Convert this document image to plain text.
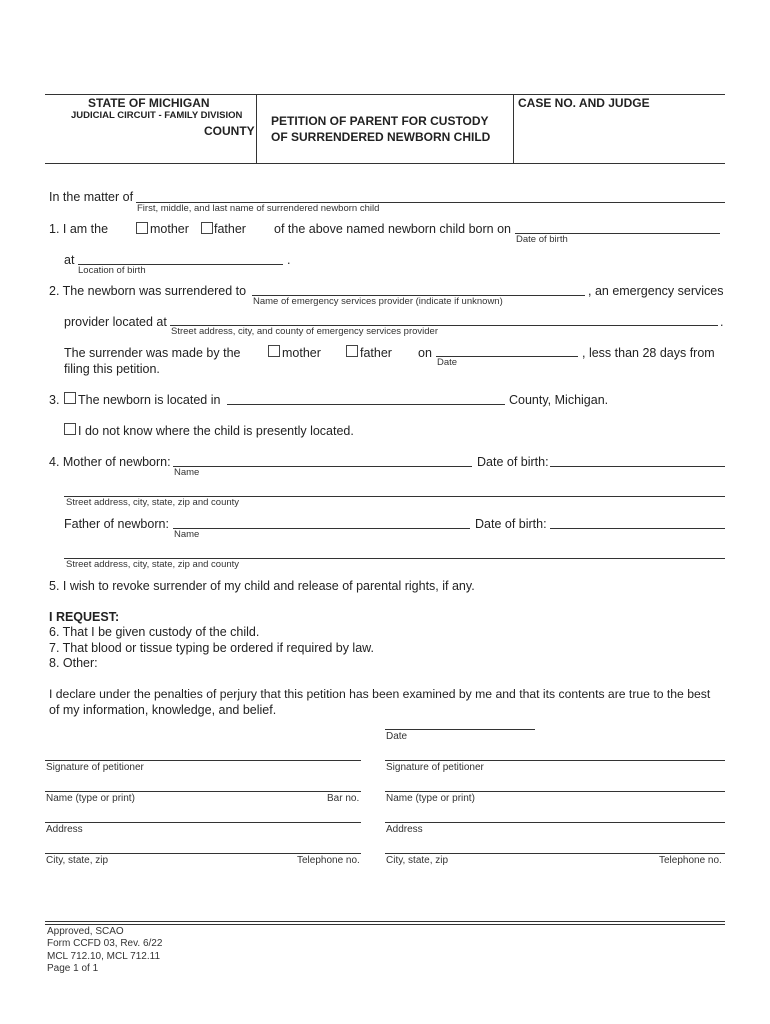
STATE OF MICHIGAN
JUDICIAL CIRCUIT - FAMILY DIVISION
COUNTY
PETITION OF PARENT FOR CUSTODY
OF SURRENDERED NEWBORN CHILD
CASE NO. AND JUDGE
In the matter of
First, middle, and last name of surrendered newborn child
1. I am the	mother father of the above named newborn child born on
Date of birth
at	.
Location of birth
2. The newborn was surrendered to	, an emergency services
Name of emergency services provider (indicate if unknown)
provider located at	.
Street address, city, and county of emergency services provider
The surrender was made by the
filing this petition.
mother	father on
Date
, less than 28 days from
3. The newborn is located in	County, Michigan.
I do not know where the child is presently located.
4. Mother of newborn:
Name
Date of birth:
Street address, city, state, zip and county
Father of newborn:
Name
Date of birth:
Street address, city, state, zip and county
5. I wish to revoke surrender of my child and release of parental rights, if any.
I REQUEST:
6. That I be given custody of the child.
7. That blood or tissue typing be ordered if required by law.
8. Other:
I declare under the penalties of perjury that this petition has been examined by me and that its contents are true to the best
of my information, knowledge, and belief.
Date
Signature of petitioner
Name (type or print)	Bar no.
Address
City, state, zip	Telephone no.
Signature of petitioner
Name (type or print)
Address
City, state, zip	Telephone no.
Approved, SCAO
Form CCFD 03, Rev. 6/22
MCL 712.10, MCL 712.11
Page 1 of 1
